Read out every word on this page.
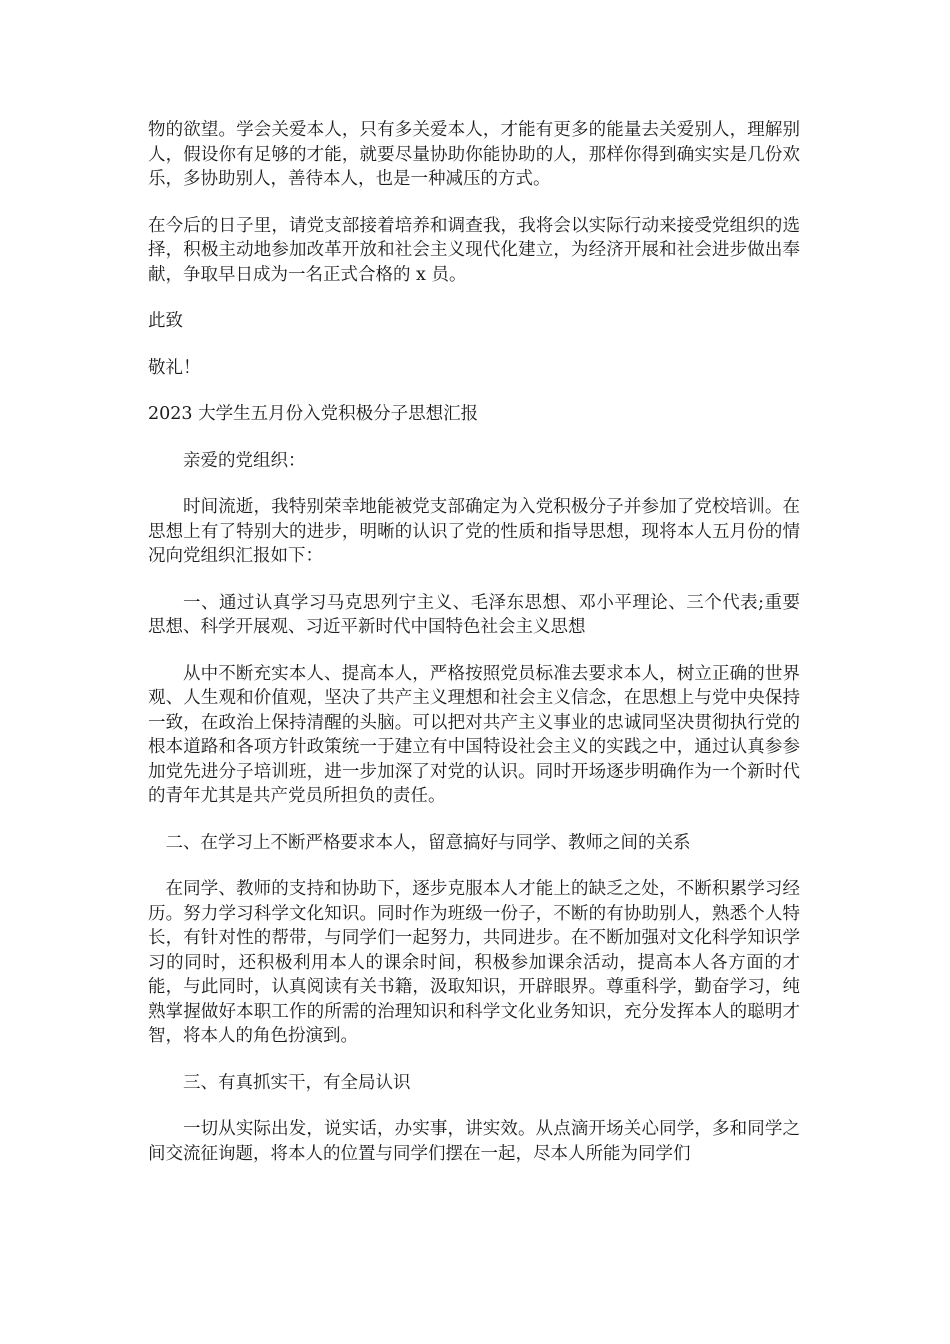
物的欲望。学会关爱本人，只有多关爱本人，才能有更多的能量去关爱别人，理解别人，假设你有足够的才能，就要尽量协助你能协助的人，那样你得到确实实是几份欢乐，多协助别人，善待本人，也是一种减压的方式。

在今后的日子里，请党支部接着培养和调查我，我将会以实际行动来接受党组织的选择，积极主动地参加改革开放和社会主义现代化建立，为经济开展和社会进步做出奉献，争取早日成为一名正式合格的 x 员。

此致

敬礼！

2023 大学生五月份入党积极分子思想汇报

亲爱的党组织：

时间流逝，我特别荣幸地能被党支部确定为入党积极分子并参加了党校培训。在思想上有了特别大的进步，明晰的认识了党的性质和指导思想，现将本人五月份的情况向党组织汇报如下：

一、通过认真学习马克思列宁主义、毛泽东思想、邓小平理论、三个代表;重要思想、科学开展观、习近平新时代中国特色社会主义思想

从中不断充实本人、提高本人，严格按照党员标准去要求本人，树立正确的世界观、人生观和价值观，坚决了共产主义理想和社会主义信念，在思想上与党中央保持一致，在政治上保持清醒的头脑。可以把对共产主义事业的忠诚同坚决贯彻执行党的根本道路和各项方针政策统一于建立有中国特设社会主义的实践之中，通过认真参参加党先进分子培训班，进一步加深了对党的认识。同时开场逐步明确作为一个新时代的青年尤其是共产党员所担负的责任。

二、在学习上不断严格要求本人，留意搞好与同学、教师之间的关系

在同学、教师的支持和协助下，逐步克服本人才能上的缺乏之处，不断积累学习经历。努力学习科学文化知识。同时作为班级一份子，不断的有协助别人，熟悉个人特长，有针对性的帮带，与同学们一起努力，共同进步。在不断加强对文化科学知识学习的同时，还积极利用本人的课余时间，积极参加课余活动，提高本人各方面的才能，与此同时，认真阅读有关书籍，汲取知识，开辟眼界。尊重科学，勤奋学习，纯熟掌握做好本职工作的所需的治理知识和科学文化业务知识，充分发挥本人的聪明才智，将本人的角色扮演到。

三、有真抓实干，有全局认识

一切从实际出发，说实话，办实事，讲实效。从点滴开场关心同学，多和同学之间交流征询题，将本人的位置与同学们摆在一起，尽本人所能为同学们
